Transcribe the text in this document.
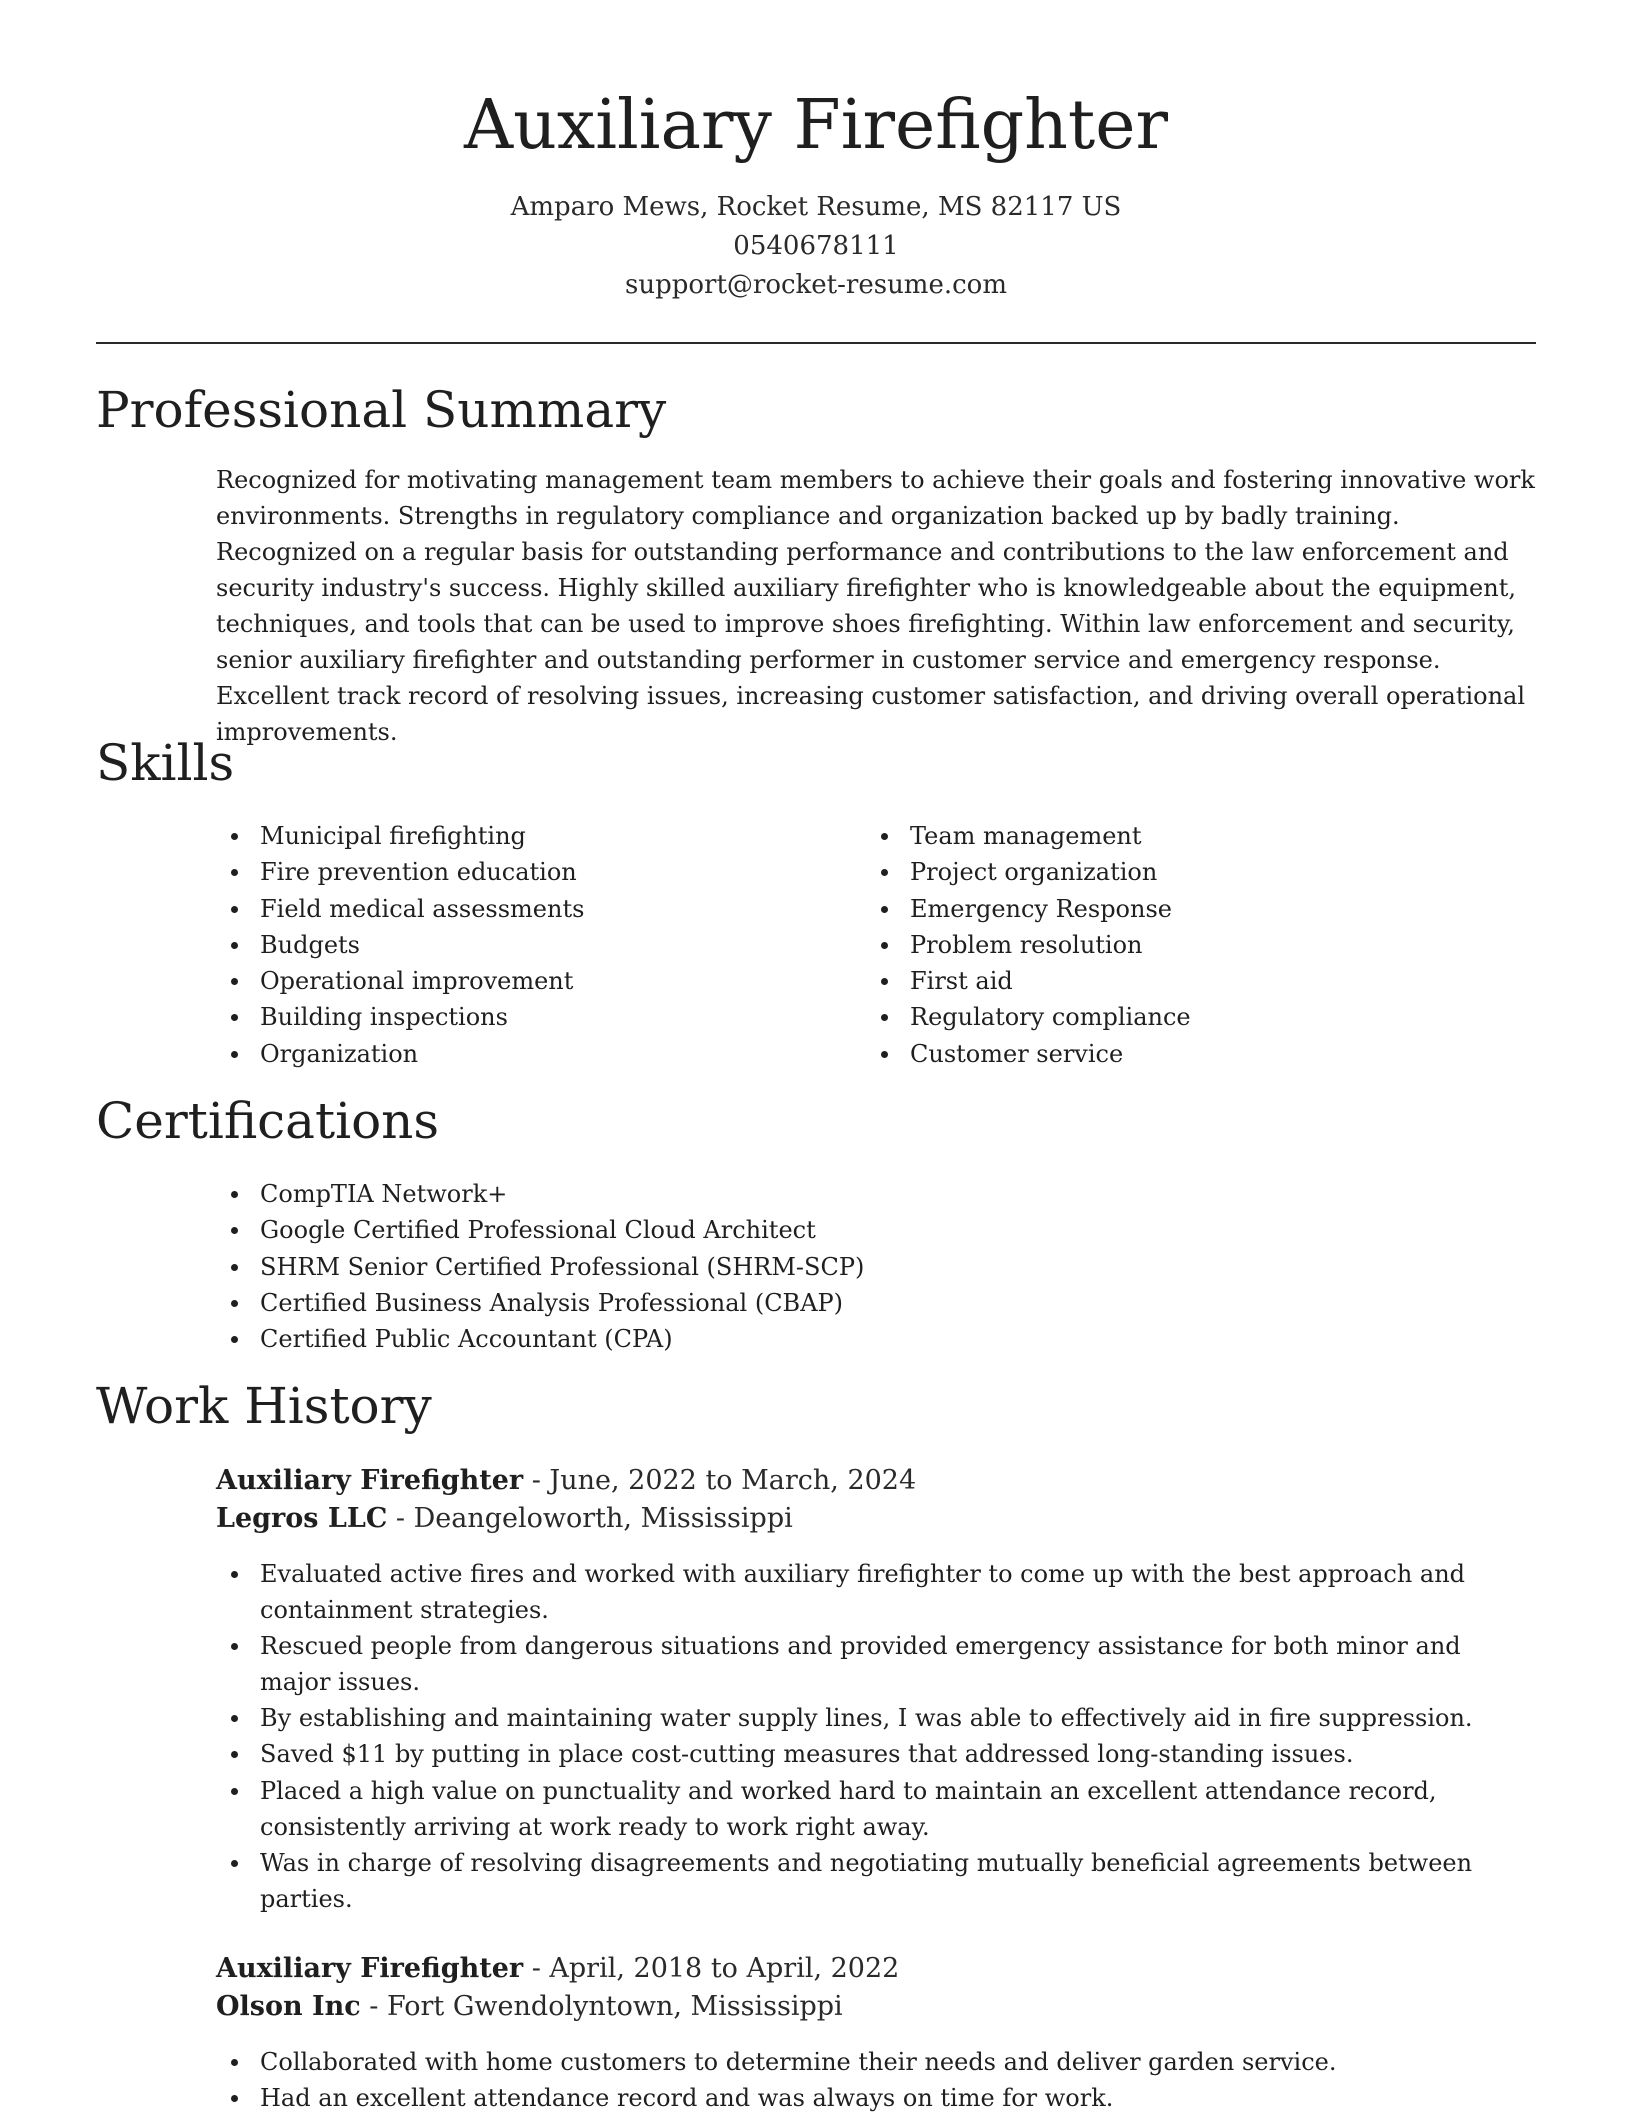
Auxiliary Firefighter
Amparo Mews, Rocket Resume, MS 82117 US
0540678111
support@rocket-resume.com
Professional Summary

Recognized for motivating management team members to achieve their goals and fostering innovative work environments. Strengths in regulatory compliance and organization backed up by badly training. Recognized on a regular basis for outstanding performance and contributions to the law enforcement and security industry's success. Highly skilled auxiliary firefighter who is knowledgeable about the equipment, techniques, and tools that can be used to improve shoes firefighting. Within law enforcement and security, senior auxiliary firefighter and outstanding performer in customer service and emergency response. Excellent track record of resolving issues, increasing customer satisfaction, and driving overall operational improvements.

Skills
Municipal firefighting
Fire prevention education
Field medical assessments
Budgets
Operational improvement
Building inspections
Organization
Team management
Project organization
Emergency Response
Problem resolution
First aid
Regulatory compliance
Customer service
Certifications
CompTIA Network+
Google Certified Professional Cloud Architect
SHRM Senior Certified Professional (SHRM-SCP)
Certified Business Analysis Professional (CBAP)
Certified Public Accountant (CPA)
Work History
Auxiliary Firefighter - June, 2022 to March, 2024
Legros LLC - Deangeloworth, Mississippi
Evaluated active fires and worked with auxiliary firefighter to come up with the best approach and containment strategies.
Rescued people from dangerous situations and provided emergency assistance for both minor and major issues.
By establishing and maintaining water supply lines, I was able to effectively aid in fire suppression.
Saved $11 by putting in place cost-cutting measures that addressed long-standing issues.
Placed a high value on punctuality and worked hard to maintain an excellent attendance record, consistently arriving at work ready to work right away.
Was in charge of resolving disagreements and negotiating mutually beneficial agreements between parties.
Auxiliary Firefighter - April, 2018 to April, 2022
Olson Inc - Fort Gwendolyntown, Mississippi
Collaborated with home customers to determine their needs and deliver garden service.
Had an excellent attendance record and was always on time for work.
